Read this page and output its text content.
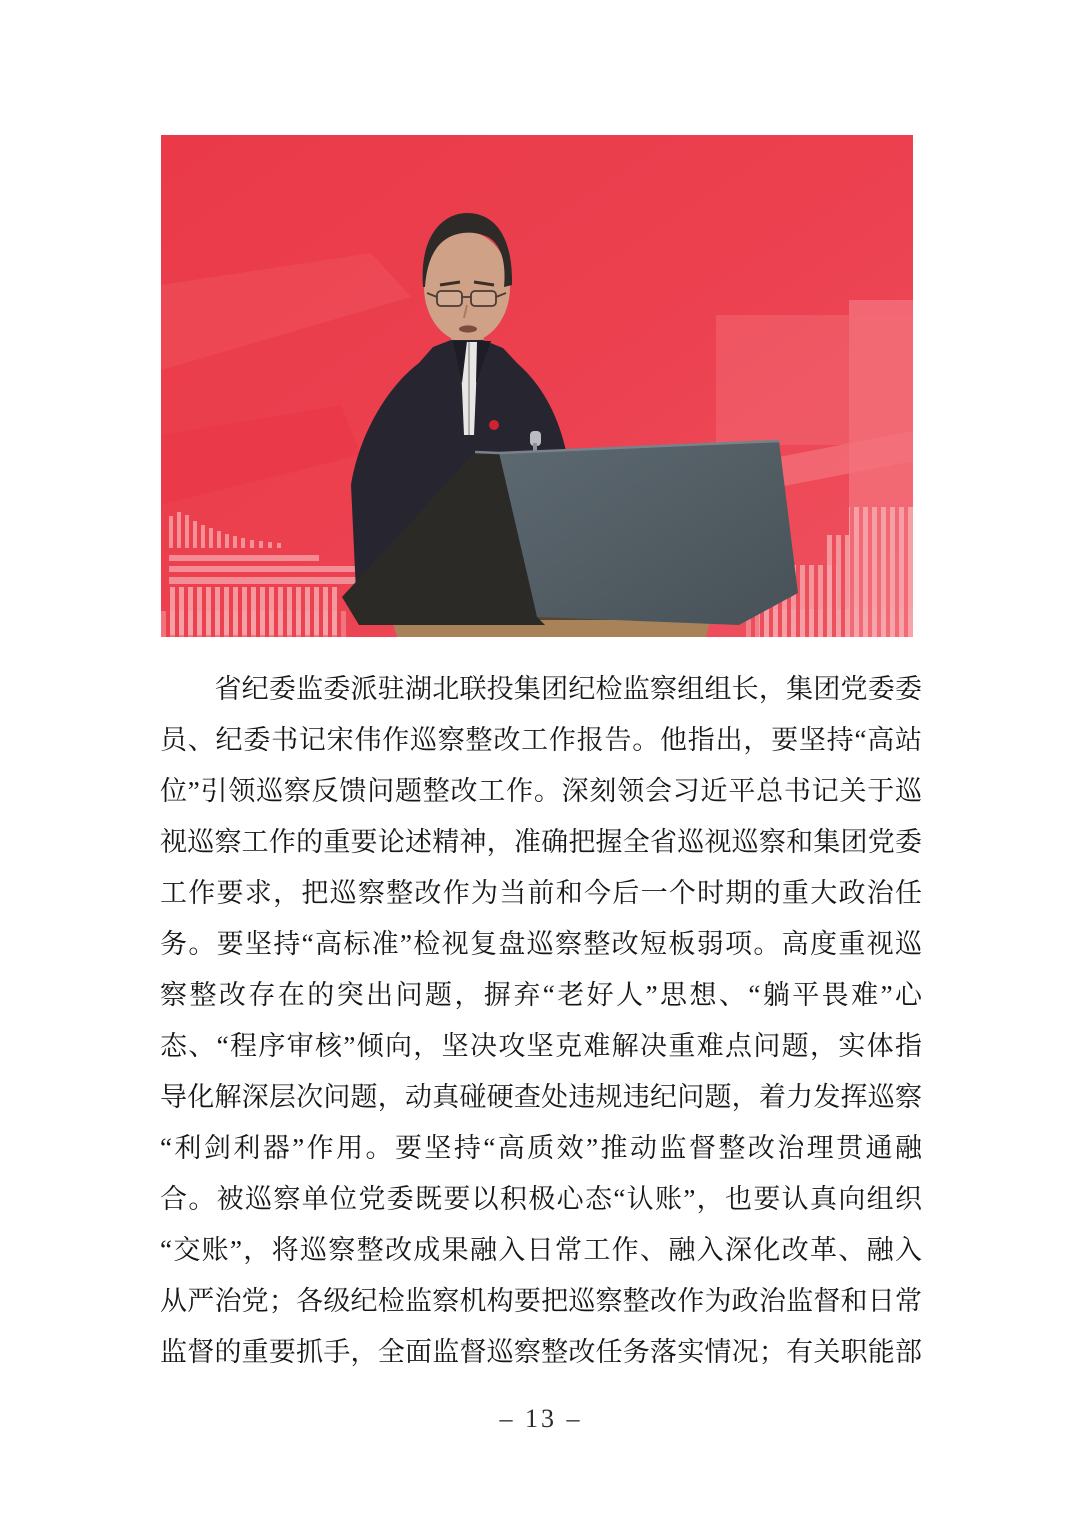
　　省纪委监委派驻湖北联投集团纪检监察组组长，集团党委委
员、纪委书记宋伟作巡察整改工作报告。他指出，要坚持“高站
位”引领巡察反馈问题整改工作。深刻领会习近平总书记关于巡
视巡察工作的重要论述精神，准确把握全省巡视巡察和集团党委
工作要求，把巡察整改作为当前和今后一个时期的重大政治任
务。要坚持“高标准”检视复盘巡察整改短板弱项。高度重视巡
察整改存在的突出问题，摒弃“老好人”思想、“躺平畏难”心
态、“程序审核”倾向，坚决攻坚克难解决重难点问题，实体指
导化解深层次问题，动真碰硬查处违规违纪问题，着力发挥巡察
“利剑利器”作用。要坚持“高质效”推动监督整改治理贯通融
合。被巡察单位党委既要以积极心态“认账”，也要认真向组织
“交账”，将巡察整改成果融入日常工作、融入深化改革、融入
从严治党；各级纪检监察机构要把巡察整改作为政治监督和日常
监督的重要抓手，全面监督巡察整改任务落实情况；有关职能部
– 13 –
